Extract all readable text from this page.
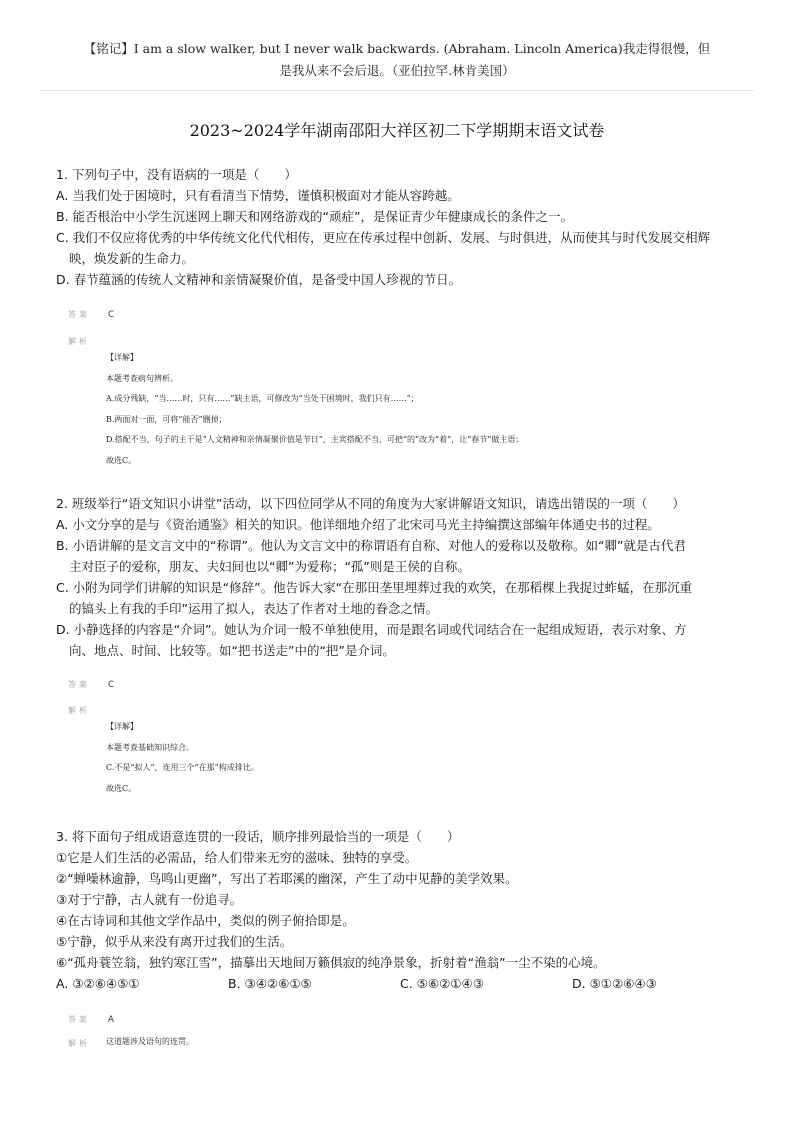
【铭记】I am a slow walker, but I never walk backwards. (Abraham. Lincoln America)我走得很慢，但
是我从来不会后退。（亚伯拉罕.林肯美国）
2023~2024学年湖南邵阳大祥区初二下学期期末语文试卷
1. 下列句子中，没有语病的一项是（　　）
A. 当我们处于困境时，只有看清当下情势，谨慎积极面对才能从容跨越。
B. 能否根治中小学生沉迷网上聊天和网络游戏的“顽症”，是保证青少年健康成长的条件之一。
C. 我们不仅应将优秀的中华传统文化代代相传，更应在传承过程中创新、发展、与时俱进，从而使其与时代发展交相辉
映，焕发新的生命力。
D. 春节蕴涵的传统人文精神和亲情凝聚价值，是备受中国人珍视的节日。
答案 C
解析
【详解】
本题考查病句辨析。
A.成分残缺，“当……时，只有……”缺主语，可修改为“当处于困境时，我们只有……”；
B.两面对一面，可将“能否”删掉；
D.搭配不当，句子的主干是“人文精神和亲情凝聚价值是节日”，主宾搭配不当，可把“的”改为“着”，让“春节”做主语；
故选C。
2. 班级举行“语文知识小讲堂”活动，以下四位同学从不同的角度为大家讲解语文知识，请选出错误的一项（　　）
A. 小文分享的是与《资治通鉴》相关的知识。他详细地介绍了北宋司马光主持编撰这部编年体通史书的过程。
B. 小语讲解的是文言文中的“称谓”。他认为文言文中的称谓语有自称、对他人的爱称以及敬称。如“卿”就是古代君
主对臣子的爱称，朋友、夫妇间也以“卿”为爱称；“孤”则是王侯的自称。
C. 小附为同学们讲解的知识是“修辞”。他告诉大家“在那田垄里埋葬过我的欢笑，在那稻棵上我捉过蚱蜢，在那沉重
的镐头上有我的手印”运用了拟人，表达了作者对土地的眷念之情。
D. 小静选择的内容是“介词”。她认为介词一般不单独使用，而是跟名词或代词结合在一起组成短语，表示对象、方
向、地点、时间、比较等。如“把书送走”中的“把”是介词。
答案 C
解析
【详解】
本题考查基础知识综合。
C.不是“拟人”，连用三个“在那”构成排比。
故选C。
3. 将下面句子组成语意连贯的一段话，顺序排列最恰当的一项是（　　）
①它是人们生活的必需品，给人们带来无穷的滋味、独特的享受。
②“蝉噪林逾静，鸟鸣山更幽”，写出了若耶溪的幽深，产生了动中见静的美学效果。
③对于宁静，古人就有一份追寻。
④在古诗词和其他文学作品中，类似的例子俯拾即是。
⑤宁静，似乎从来没有离开过我们的生活。
⑥“孤舟蓑笠翁，独钓寒江雪”，描摹出天地间万籁俱寂的纯净景象，折射着“渔翁”一尘不染的心境。
A. ③②⑥④⑤①	B. ③④②⑥①⑤	C. ⑤⑥②①④③	D. ⑤①②⑥④③
答案 A
解析 这道题涉及语句的连贯。
